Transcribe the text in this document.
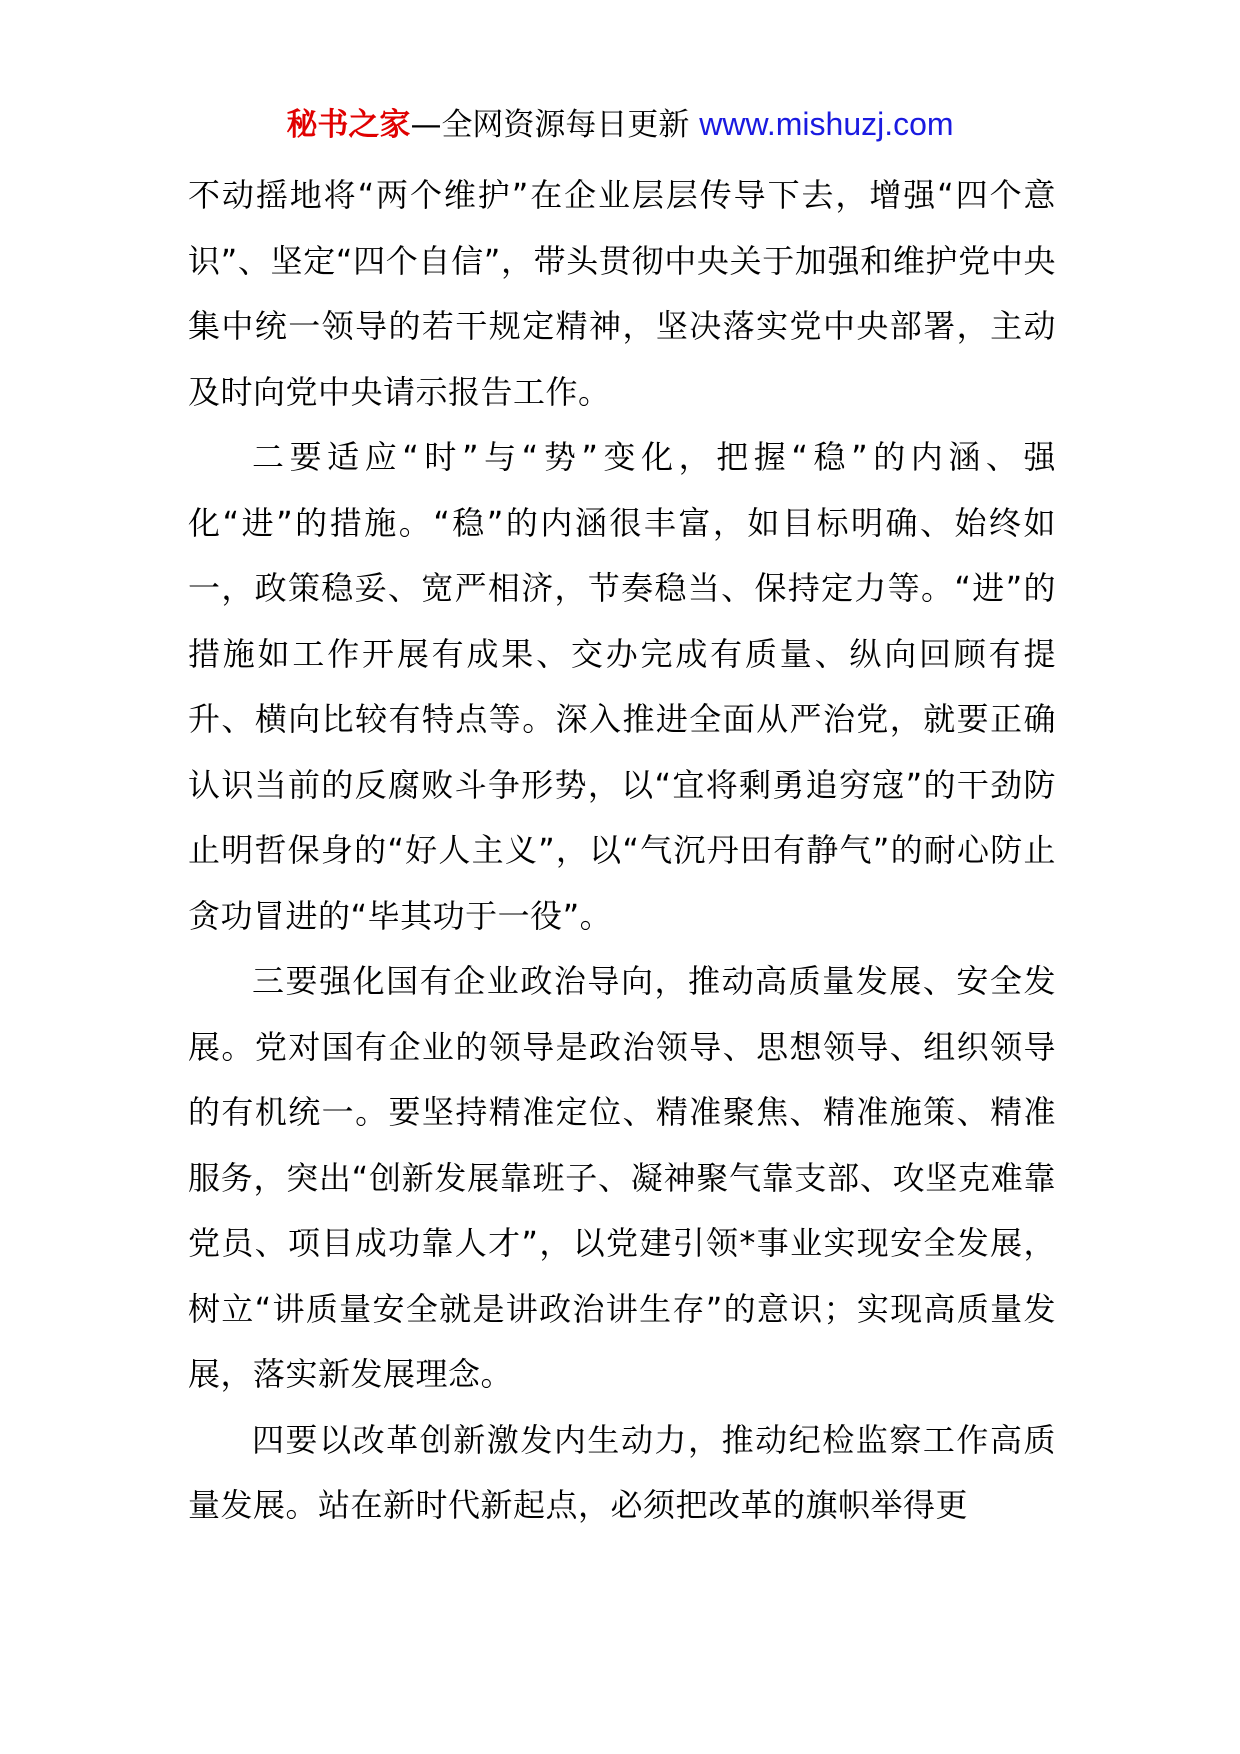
秘书之家—全网资源每日更新 www.mishuzj.com

不动摇地将“两个维护”在企业层层传导下去，增强“四个意识”、坚定“四个自信”，带头贯彻中央关于加强和维护党中央集中统一领导的若干规定精神，坚决落实党中央部署，主动及时向党中央请示报告工作。

二要适应“时”与“势”变化，把握“稳”的内涵、强化“进”的措施。“稳”的内涵很丰富，如目标明确、始终如一，政策稳妥、宽严相济，节奏稳当、保持定力等。“进”的措施如工作开展有成果、交办完成有质量、纵向回顾有提升、横向比较有特点等。深入推进全面从严治党，就要正确认识当前的反腐败斗争形势，以“宜将剩勇追穷寇”的干劲防止明哲保身的“好人主义”，以“气沉丹田有静气”的耐心防止贪功冒进的“毕其功于一役”。

三要强化国有企业政治导向，推动高质量发展、安全发展。党对国有企业的领导是政治领导、思想领导、组织领导的有机统一。要坚持精准定位、精准聚焦、精准施策、精准服务，突出“创新发展靠班子、凝神聚气靠支部、攻坚克难靠党员、项目成功靠人才”，以党建引领*事业实现安全发展，树立“讲质量安全就是讲政治讲生存”的意识；实现高质量发展，落实新发展理念。

四要以改革创新激发内生动力，推动纪检监察工作高质量发展。站在新时代新起点，必须把改革的旗帜举得更
